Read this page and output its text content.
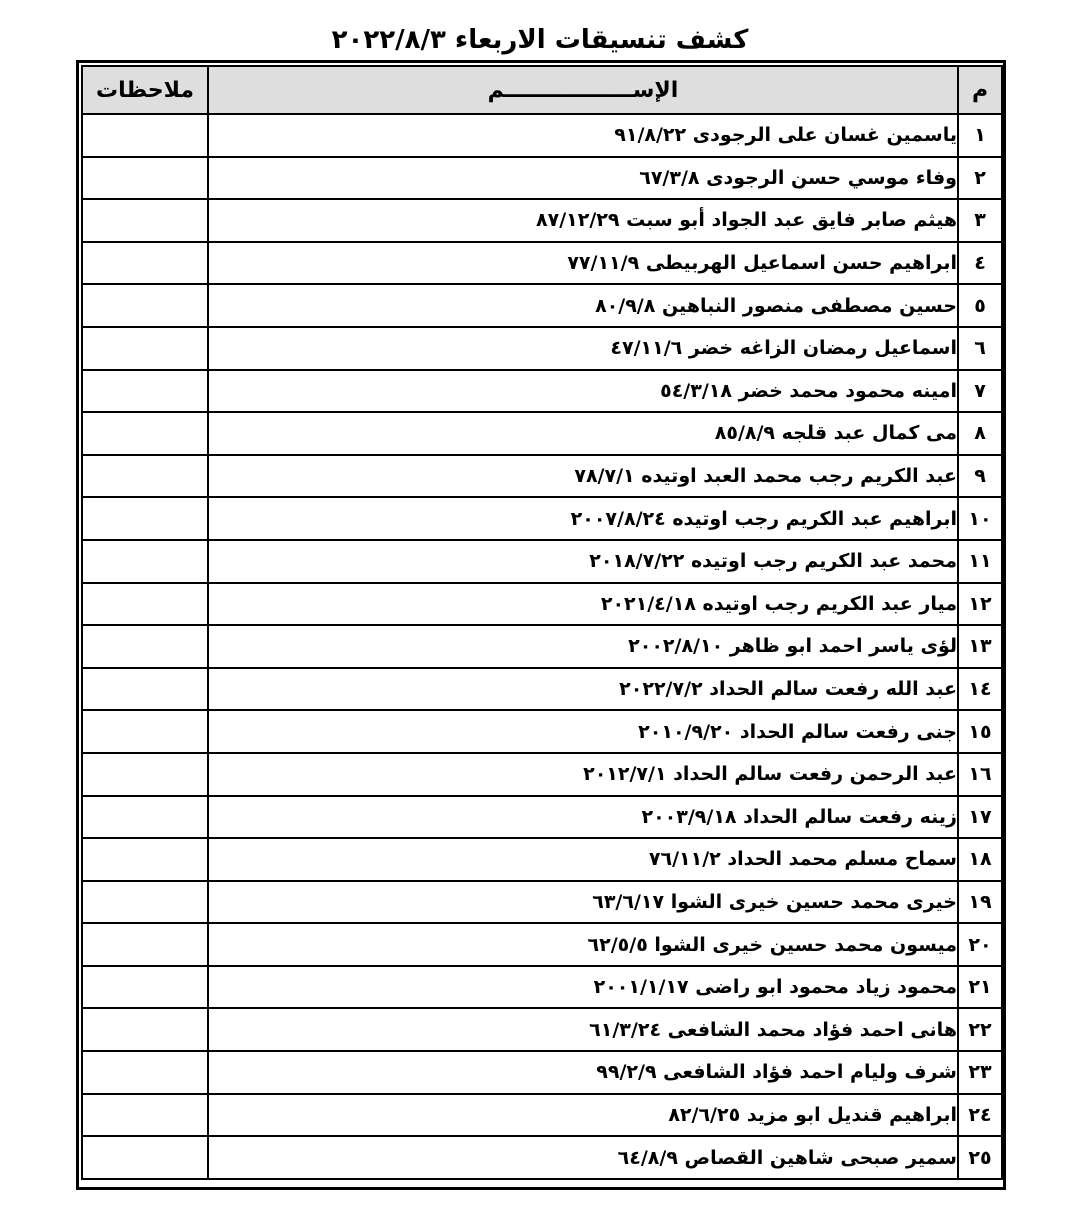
كشف تنسيقات الاربعاء ٢٠٢٢/٨/٣
م	الإســـــــــــــــــم	ملاحظات
١	ياسمين غسان على الرجودى ٩١/٨/٢٢	
٢	وفاء موسي حسن الرجودى ٦٧/٣/٨	
٣	هيثم صابر فايق عبد الجواد أبو سبت ٨٧/١٢/٢٩	
٤	ابراهيم حسن اسماعيل الهربيطى ٧٧/١١/٩	
٥	حسين مصطفى منصور النباهين ٨٠/٩/٨	
٦	اسماعيل رمضان الزاغه خضر ٤٧/١١/٦	
٧	امينه محمود محمد خضر ٥٤/٣/١٨	
٨	مى كمال عبد قلجه ٨٥/٨/٩	
٩	عبد الكريم رجب محمد العبد اوتيده ٧٨/٧/١	
١٠	ابراهيم عبد الكريم رجب اوتيده ٢٠٠٧/٨/٢٤	
١١	محمد عبد الكريم رجب اوتيده ٢٠١٨/٧/٢٢	
١٢	ميار عبد الكريم رجب اوتيده ٢٠٢١/٤/١٨	
١٣	لؤى ياسر احمد ابو ظاهر ٢٠٠٢/٨/١٠	
١٤	عبد الله رفعت سالم الحداد ٢٠٢٢/٧/٢	
١٥	جنى رفعت سالم الحداد ٢٠١٠/٩/٢٠	
١٦	عبد الرحمن رفعت سالم الحداد ٢٠١٢/٧/١	
١٧	زينه رفعت سالم الحداد ٢٠٠٣/٩/١٨	
١٨	سماح مسلم محمد الحداد ٧٦/١١/٢	
١٩	خيرى محمد حسين خيرى الشوا ٦٣/٦/١٧	
٢٠	ميسون محمد حسين خيرى الشوا ٦٢/٥/٥	
٢١	محمود زياد محمود ابو راضى ٢٠٠١/١/١٧	
٢٢	هانى احمد فؤاد محمد الشافعى ٦١/٣/٢٤	
٢٣	شرف وليام احمد فؤاد الشافعى ٩٩/٢/٩	
٢٤	ابراهيم قنديل ابو مزيد ٨٢/٦/٢٥	
٢٥	سمير صبحى شاهين القصاص ٦٤/٨/٩	
